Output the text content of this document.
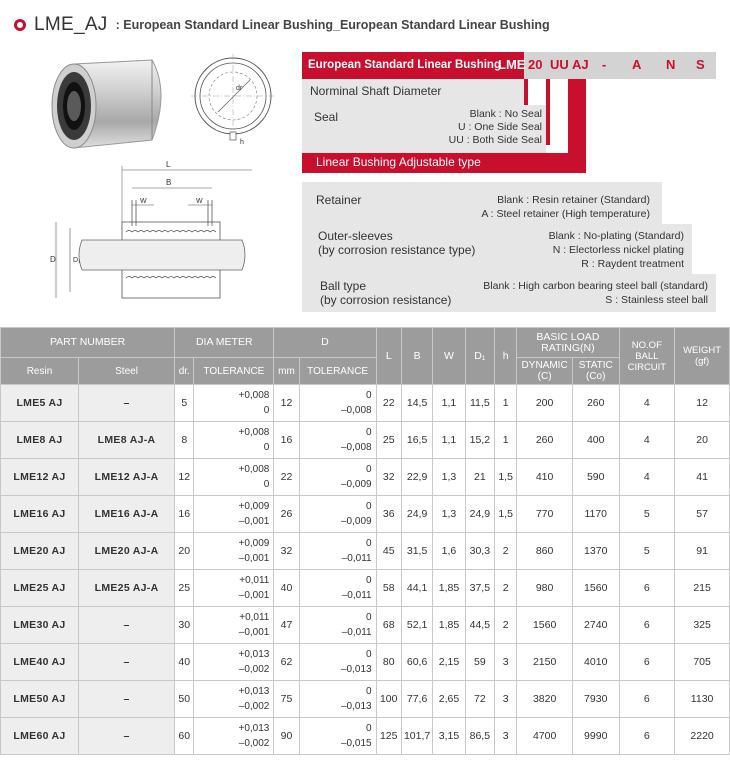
LME_AJ : European Standard Linear Bushing_European Standard Linear Bushing
dr
h
L
B
W	W
D D₁
European Standard Linear Bushing
LME 20 UU AJ - A N S
Norminal Shaft Diameter
Seal	Blank : No Seal
U : One Side Seal
UU : Both Side Seal
Linear Bushing Adjustable type
Retainer	Blank : Resin retainer (Standard)
A : Steel retainer (High temperature)
Outer-sleeves
(by corrosion resistance type)
Blank : No-plating (Standard)
N : Electorless nickel plating
R : Raydent treatment
Ball type
(by corrosion resistance)
Blank : High carbon bearing steel ball (standard)
S : Stainless steel ball
PART NUMBER		DIA METER		D		L	B	W	D₁	h	BASIC LOAD RATING(N)		NO.OF BALL CIRCUIT	WEIGHT (gf)
Resin	Steel	dr.	TOLERANCE	mm	TOLERANCE						DYNAMIC (C)	STATIC (Co)		
LME5 AJ	–	5	+0,008
0	12	0
–0,008	22	14,5	1,1	11,5	1	200	260	4	12
LME8 AJ	LME8 AJ-A	8	+0,008
0	16	0
–0,008	25	16,5	1,1	15,2	1	260	400	4	20
LME12 AJ	LME12 AJ-A	12	+0,008
0	22	0
–0,009	32	22,9	1,3	21	1,5	410	590	4	41
LME16 AJ	LME16 AJ-A	16	+0,009
–0,001	26	0
–0,009	36	24,9	1,3	24,9	1,5	770	1170	5	57
LME20 AJ	LME20 AJ-A	20	+0,009
–0,001	32	0
–0,011	45	31,5	1,6	30,3	2	860	1370	5	91
LME25 AJ	LME25 AJ-A	25	+0,011
–0,001	40	0
–0,011	58	44,1	1,85	37,5	2	980	1560	6	215
LME30 AJ	–	30	+0,011
–0,001	47	0
–0,011	68	52,1	1,85	44,5	2	1560	2740	6	325
LME40 AJ	–	40	+0,013
–0,002	62	0
–0,013	80	60,6	2,15	59	3	2150	4010	6	705
LME50 AJ	–	50	+0,013
–0,002	75	0
–0,013	100	77,6	2,65	72	3	3820	7930	6	1130
LME60 AJ	–	60	+0,013
–0,002	90	0
–0,015	125	101,7	3,15	86,5	3	4700	9990	6	2220
